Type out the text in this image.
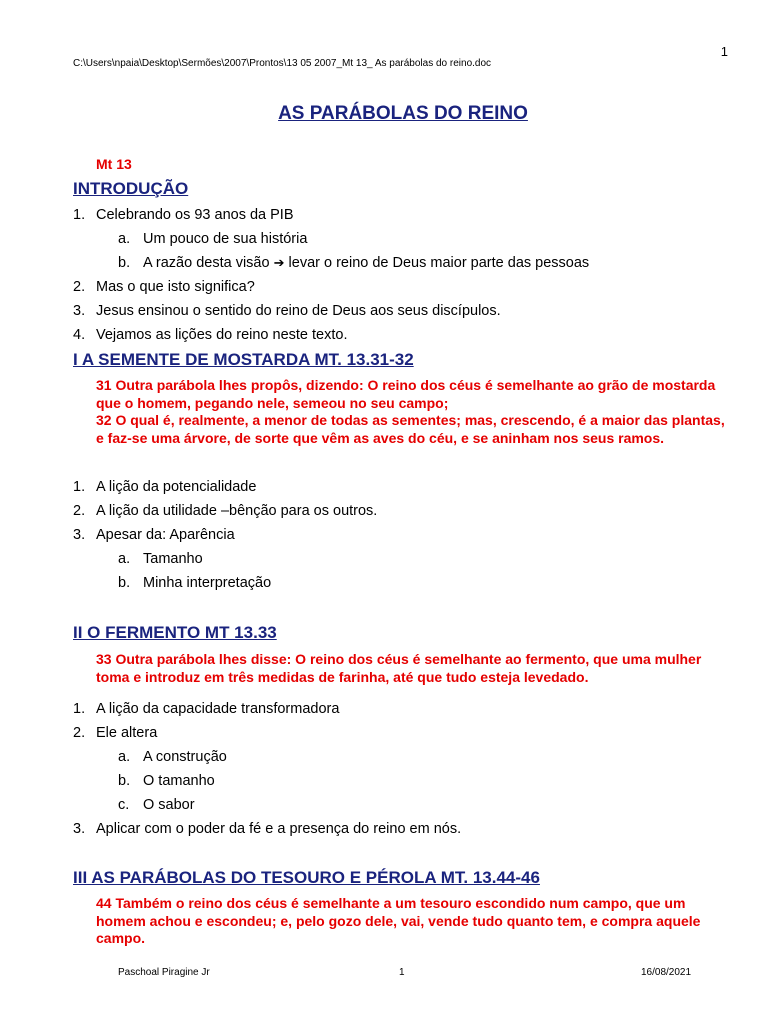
1
C:\Users\npaia\Desktop\Sermões\2007\Prontos\13 05 2007_Mt 13_ As parábolas do reino.doc
AS PARÁBOLAS DO REINO
Mt 13
INTRODUÇÃO
1. Celebrando os 93 anos da PIB
a. Um pouco de sua história
b. A razão desta visão ➔ levar o reino de Deus maior parte das pessoas
2. Mas o que isto significa?
3. Jesus ensinou o sentido do reino de Deus aos seus discípulos.
4. Vejamos as lições do reino neste texto.
I A SEMENTE DE MOSTARDA MT. 13.31-32
31 Outra parábola lhes propôs, dizendo: O reino dos céus é semelhante ao grão de mostarda que o homem, pegando nele, semeou no seu campo;
32 O qual é, realmente, a menor de todas as sementes; mas, crescendo, é a maior das plantas, e faz-se uma árvore, de sorte que vêm as aves do céu, e se aninham nos seus ramos.
1. A lição da potencialidade
2. A lição da utilidade –bênção para os outros.
3. Apesar da: Aparência
a. Tamanho
b. Minha interpretação
II O FERMENTO MT 13.33
33 Outra parábola lhes disse: O reino dos céus é semelhante ao fermento, que uma mulher toma e introduz em três medidas de farinha, até que tudo esteja levedado.
1. A lição da capacidade transformadora
2. Ele altera
a. A construção
b. O tamanho
c. O sabor
3. Aplicar com o poder da fé e a presença do reino em nós.
III AS PARÁBOLAS DO TESOURO E PÉROLA MT. 13.44-46
44 Também o reino dos céus é semelhante a um tesouro escondido num campo, que um homem achou e escondeu; e, pelo gozo dele, vai, vende tudo quanto tem, e compra aquele campo.
Paschoal Piragine Jr	1	16/08/2021
